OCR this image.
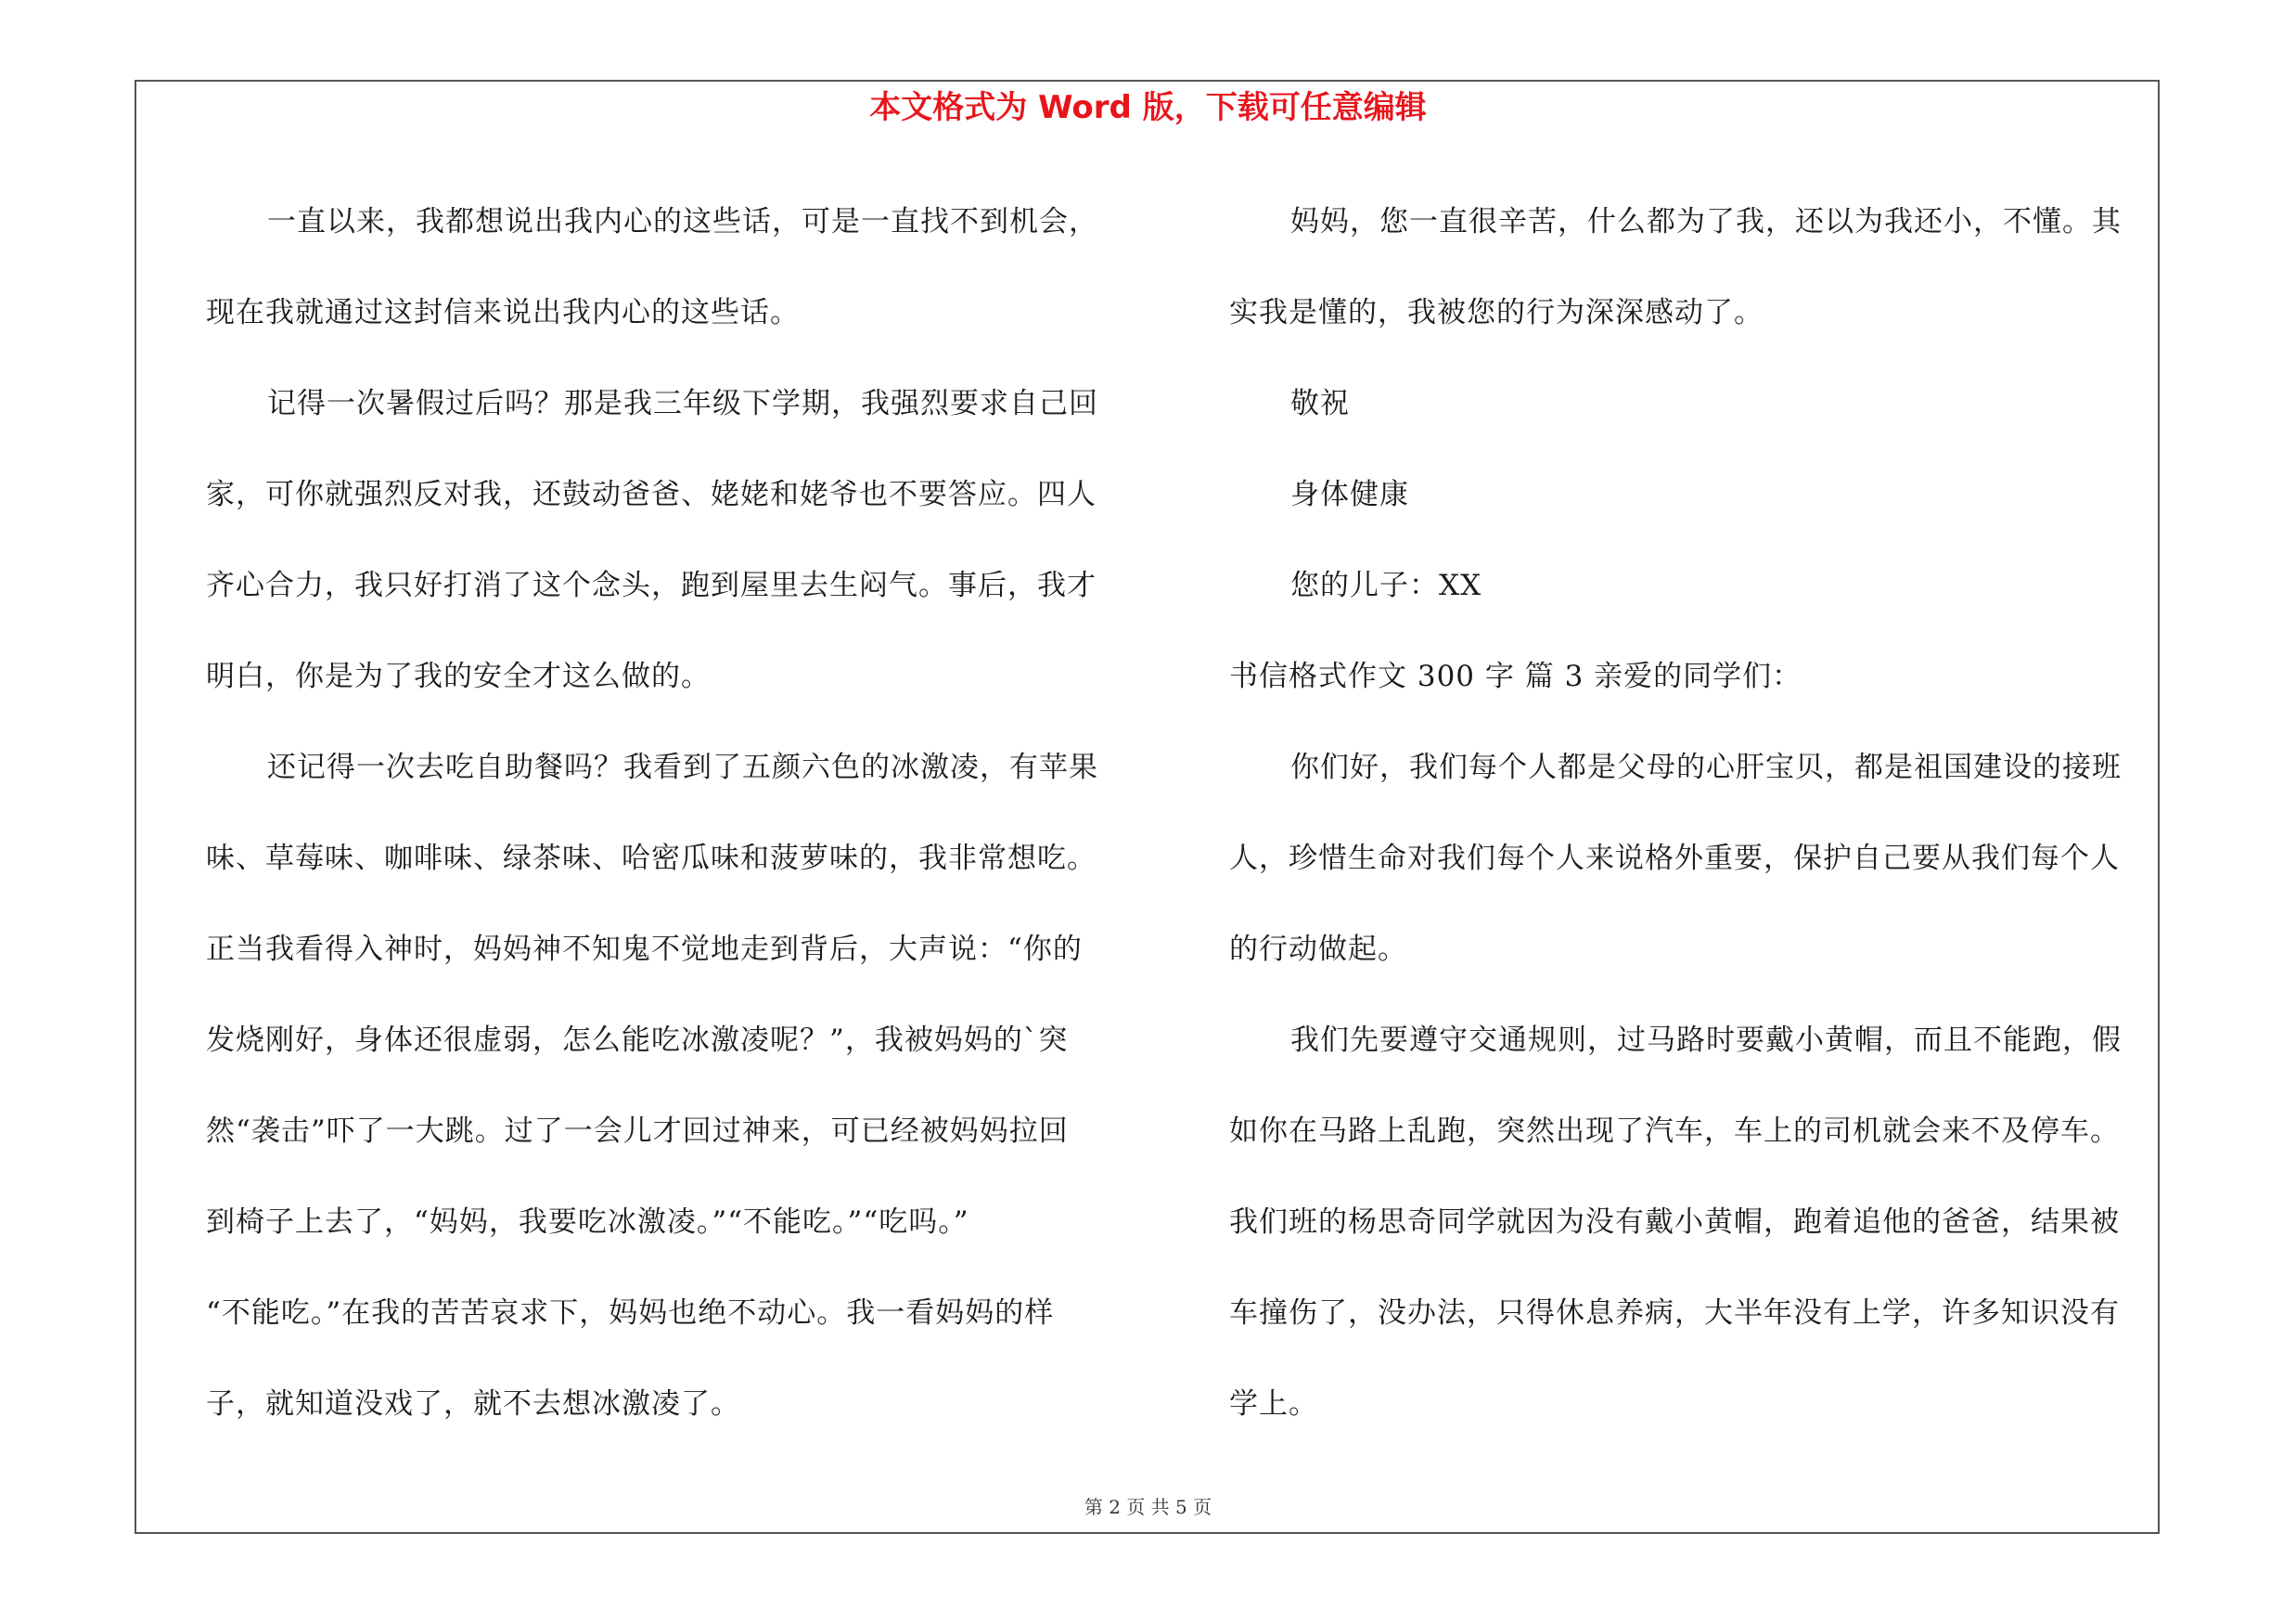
本文格式为 Word 版，下载可任意编辑
一直以来，我都想说出我内心的这些话，可是一直找不到机会，
现在我就通过这封信来说出我内心的这些话。
记得一次暑假过后吗？那是我三年级下学期，我强烈要求自己回
家，可你就强烈反对我，还鼓动爸爸、姥姥和姥爷也不要答应。四人
齐心合力，我只好打消了这个念头，跑到屋里去生闷气。事后，我才
明白，你是为了我的安全才这么做的。
还记得一次去吃自助餐吗？我看到了五颜六色的冰激凌，有苹果
味、草莓味、咖啡味、绿茶味、哈密瓜味和菠萝味的，我非常想吃。
正当我看得入神时，妈妈神不知鬼不觉地走到背后，大声说：“你的
发烧刚好，身体还很虚弱，怎么能吃冰激凌呢？”，我被妈妈的`突
然“袭击”吓了一大跳。过了一会儿才回过神来，可已经被妈妈拉回
到椅子上去了，“妈妈，我要吃冰激凌。”“不能吃。”“吃吗。”
“不能吃。”在我的苦苦哀求下，妈妈也绝不动心。我一看妈妈的样
子，就知道没戏了，就不去想冰激凌了。
妈妈，您一直很辛苦，什么都为了我，还以为我还小，不懂。其
实我是懂的，我被您的行为深深感动了。
敬祝
身体健康
您的儿子：XX
书信格式作文 300 字 篇 3 亲爱的同学们：
你们好，我们每个人都是父母的心肝宝贝，都是祖国建设的接班
人，珍惜生命对我们每个人来说格外重要，保护自己要从我们每个人
的行动做起。
我们先要遵守交通规则，过马路时要戴小黄帽，而且不能跑，假
如你在马路上乱跑，突然出现了汽车，车上的司机就会来不及停车。
我们班的杨思奇同学就因为没有戴小黄帽，跑着追他的爸爸，结果被
车撞伤了，没办法，只得休息养病，大半年没有上学，许多知识没有
学上。
第 2 页 共 5 页
